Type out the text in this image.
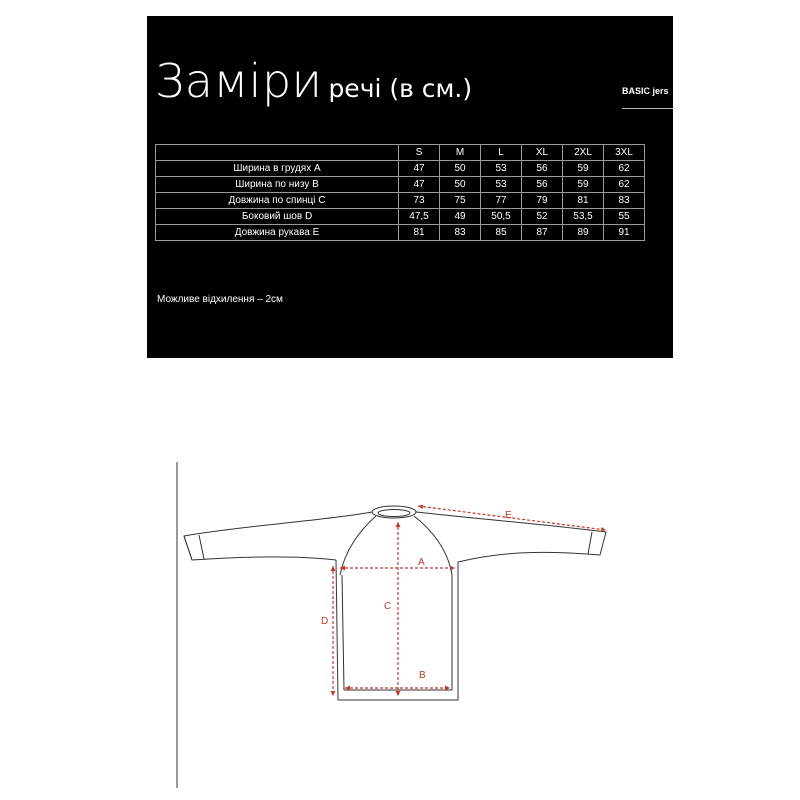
Заміри речі (в см.)	BASIC jers
	S	M	L	XL	2XL	3XL
Ширина в грудях A	47	50	53	56	59	62
Ширина по низу B	47	50	53	56	59	62
Довжина по спинці C	73	75	77	79	81	83
Боковий шов D	47,5	49	50,5	52	53,5	55
Довжина рукава E	81	83	85	87	89	91
Можливе відхилення – 2см
A
B
C
D
E
